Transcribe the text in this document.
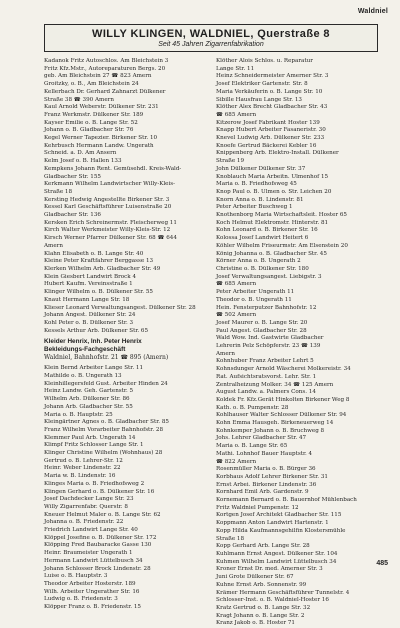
Waldniel
WILLY KLINGEN, WALDNIEL, Querstraße 8
Seit 45 Jahren Zigarrenfabrikation
Kadanok Fritz Autoschlos. Am Bleichstein 3
Fritz Kfz.Mstr., Autoreparaturen Bergs. 20
geb. Am Bleichstein 27 ☎ 823 Amern
Groitzky, o. B., Am Bleichstein 24
Kellerbach Dr. Gerhard Zahnarzt Dülkener
Straße 38 ☎ 390 Amern
Kaul Arnold Weberstr. Dülkener Str. 231
Franz Werkmstr. Dülkener Str. 189
Kayser Emilie o. B. Lange Str. 52
Johann o. B. Gladbacher Str. 76
Kegel Werner Tapezier. Birkener Str. 10
Kehrbusch Hermann Landw. Ungerath
Schneid. a. D. Am Ansern
Kelm Josef o. B. Hallen 133
Kempkens Johann Rent. Gemüsehdl. Kreis-Wald-
Gladbacher Str. 155
Kerkmann Wilhelm Landwirtscher Willy-Kleis-
Straße 18
Kersting Hedwig Angestellte Birkener Str. 3
Kessel Karl Geschäftsführer Luisenstraße 20
Gladbacher Str. 136
Kersken Erich Schreinermstr. Fleischerweg 11
Kirch Walter Werkmeister Willy-Kleis-Str. 12
Kirsch Werner Pfarrer Dülkener Str. 68 ☎ 644
Amern
Klahn Elisabeth o. B. Lange Str. 40
Kleine Peter Kraftfahrer Berggasse 13
Klerken Wilhelm Arb. Gladbacher Str. 49
Klein Giesbert Landwirt Brock 4
Hubert Kaufm. Vereinsstraße 1
Klinger Wilhelm o. B. Dülkener Str. 55
Knaut Hermann Lange Str. 18
Klieser Leonard Verwaltungsangest. Dülkener Str. 28
Johann Angest. Dülkener Str. 24
Kohl Peter o. B. Dülkener Str. 3
Kessels Arthur Arb. Dülkener Str. 65
Kleider Henrix, Inh. Peter Henrix
Bekleidungs-Fachgeschäft
Waldniel, Bahnhofstr. 21 ☎ 895 (Amern)
Klein Bernd Arbeiter Lange Str. 11
Mathilde o. B. Ungerath 13
Kleinhillegersfeld Gust. Arbeiter Hinden 24
Heinz Landw. Geh. Gartenstr. 5
Wilhelm Arb. Dülkener Str. 86
Johann Arb. Gladbacher Str. 55
Maria o. B. Hauptstr. 25
Kleingärtner Agnes o. B. Gladbacher Str. 85
Franz Wilhelm Vorarbeiter Bahnhofstr. 28
Klemmer Paul Arb. Ungerath 14
Klimpf Fritz Schlosser Lange Str. 1
Klinger Christine Wilhelm (Wohnhaus) 28
Gertrud o. B. Lehrer-Str. 12
Heinr. Weber Lindenstr. 22
Maria w. B. Lindenstr. 16
Klinges Maria o. B. Friedhofsweg 2
Klingen Gerhard o. B. Dülkener Str. 16
Josef Dachdecker Lange Str. 23
Willy Zigarrenfabr. Querstr. 8
Kneuer Helmut Maler o. B. Lange Str. 62
Johanna o. B. Friedenstr. 22
Friedrich Landwirt Lange Str. 40
Klöppel Josefine o. B. Dülkener Str. 172
Klöpping Fred Baubaracke Gasse 130
Heinr. Braumeister Ungerath 1
Hermann Landwirt Lüttelbusch 34
Johann Schlosser Brock Lindenstr. 28
Luise o. B. Hauptstr. 3
Theodor Arbeiter Hosterstr. 189
Wilh. Arbeiter Ungerather Str. 16
Ludwig o. B. Friedenstr. 3
Klöpper Franz o. B. Friedenstr. 15
Klöther Alois Schlos. u. Reparatur
Lange Str. 11
Heinz Schneidermeister Amerner Str. 3
Josef Elektriker Gartenstr. Str. 8
Maria Verkäuferin o. B. Lange Str. 10
Sibille Hausfrau Lange Str. 13
Klöther Alex Brecht Gladbacher Str. 43
☎ 685 Amern
Kitzerow Josef Fabrikant Hoster 139
Knapp Hubert Arbeiter Fasaneristr. 30
Knevel Ludwig Arb. Dülkener Str. 233
Knoefe Gertrud Bäckerei Kebler 16
Knippenberg Arb. Elektro-Install. Dülkener
Straße 19
John Dülkener Dülkener Str. 37
Knoblauch Maria Arbeitn. Ulmenhof 15
Maria o. B. Friedhofsweg 45
Knop Paul o. B. Ulmen o. Str. Leichen 20
Knorn Anna o. B. Lindenstr. 81
Peter Arbeiter Buschweg 1
Knothenborg Maria Wirtschaftsleit. Hoster 65
Koch Helmut Elektromstr. Hinterstr. 81
Kohn Leonard o. B. Birkener Str. 16
Kolossa Josef Landwirt Heitert 6
Köhler Wilhelm Friseurmstr. Am Elsenstein 20
König Johanna o. B. Gladbacher Str. 45
Körner Anna o. B. Ungerath 2
Christine o. B. Dülkener Str. 180
Josef Verwaltungsangest. Liebigstr. 3
☎ 685 Amern
Peter Arbeiter Ungerath 11
Theodor o. B. Ungerath 11
Hein. Fensterputzer Bahnhofstr. 12
☎ 502 Amern
Josef Maurer o. B. Lange Str. 20
Paul Angest. Gladbacher Str. 28
Wald Wow. Ind. Gastwirte Gladbacher
Lehrerin Pelz Schöpferstr. 23 ☎ 139
Amern
Kohnhuber Franz Arbeiter Lehrt 5
Kohnsdunger Arnold Wäscherei Molkereistr. 34
Rat. Aufsichtsratsvorst. Lehr. Str. 1
Zentralheizung Molker. 34 ☎ 125 Amern
August Landw. a. Palmers Cons. 14
Koldek Fr. Kfz.Gerät Hinkolten Birkener Weg 8
Kath. o. B. Pumpenstr. 28
Kohlhauser Walter Schlosser Dülkener Str. 94
Kohn Emma Hausgeh. Birkeneuerweg 14
Kohnkemper Johann o. B. Bruchweg 8
Johs. Lehrer Gladbacher Str. 47
Maria o. B. Lange Str. 65
Mathi. Lohnhof Bauer Hauptstr. 4
☎ 822 Amern
Rosenmüller Maria o. B. Bürger 36
Korbhaus Adolf Lehrer Birkener Str. 31
Ernst Arbei. Birkener Lindenstr. 36
Kornhard Emil Arb. Gardenstr. 9
Kornemann Bernard o. B. Bauernhof Mühlenbach
Fritz Waldniel Pumpenstr. 12
Kortgen Josef Architekt Gladbacher Str. 115
Koppmann Anton Landwirt Hartenstr. 1
Kopp Hilda Kaufmannsgehilfin Klostersmühle
Straße 18
Kopp Gerhard Arb. Lange Str. 28
Kuhlmann Ernst Angest. Dülkener Str. 104
Kuhmen Wilhelm Landwirt Lüttelbusch 34
Kroner Ernst Dr. med. Amerner Str. 3
Juni Grote Dülkener Str. 67
Kuhne Ernst Arb. Sonnenstr. 99
Krämer Hermann Geschäftsführer Tunnelstr. 4
Schlosser-Inst. o. B. Waldniel-Hoster 16
Kratz Gertrud o. B. Lange Str. 32
Kragt Johann o. B. Lange Str. 2
Kranz Jakob o. B. Hoster 71
485
